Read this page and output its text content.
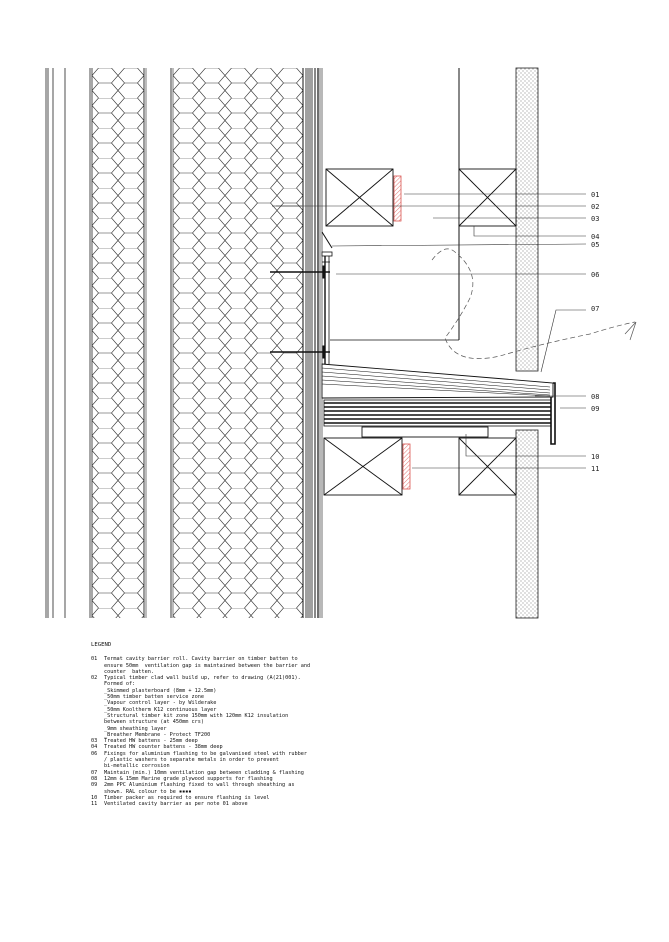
01
02
03
04
05
06
07
08
09
10
11
LEGEND
01 Termat cavity barrier roll. Cavity barrier on timber batten to
ensure 50mm  ventilation gap is maintained between the barrier and
counter  batten.
02 Typical timber clad wall build up, refer to drawing (A(21)001).
Formed of:
_Skimmed plasterboard (8mm + 12.5mm)
_50mm timber batten service zone
_Vapour control layer - by Wilderake
_50mm Kooltherm K12 continuous layer
_Structural timber kit zone 150mm with 120mm K12 insulation
between structure (at 450mm crs)
_9mm sheathing layer
_Breather Membrane - Protect TF200
03 Treated HW battens - 25mm deep
04 Treated HW counter battens - 38mm deep
06 Fixings for aluminium flashing to be galvanised steel with rubber
/ plastic washers to separate metals in order to prevent
bi-metallic corrosion
07 Maintain (min.) 10mm ventilation gap between cladding & flashing
08 12mm & 15mm Marine grade plywood supports for flashing
09 2mm PPC Aluminium flashing fixed to wall through sheathing as
shown. RAL colour to be ▪▪▪▪
10 Timber packer as required to ensure flashing is level
11 Ventilated cavity barrier as per note 01 above
